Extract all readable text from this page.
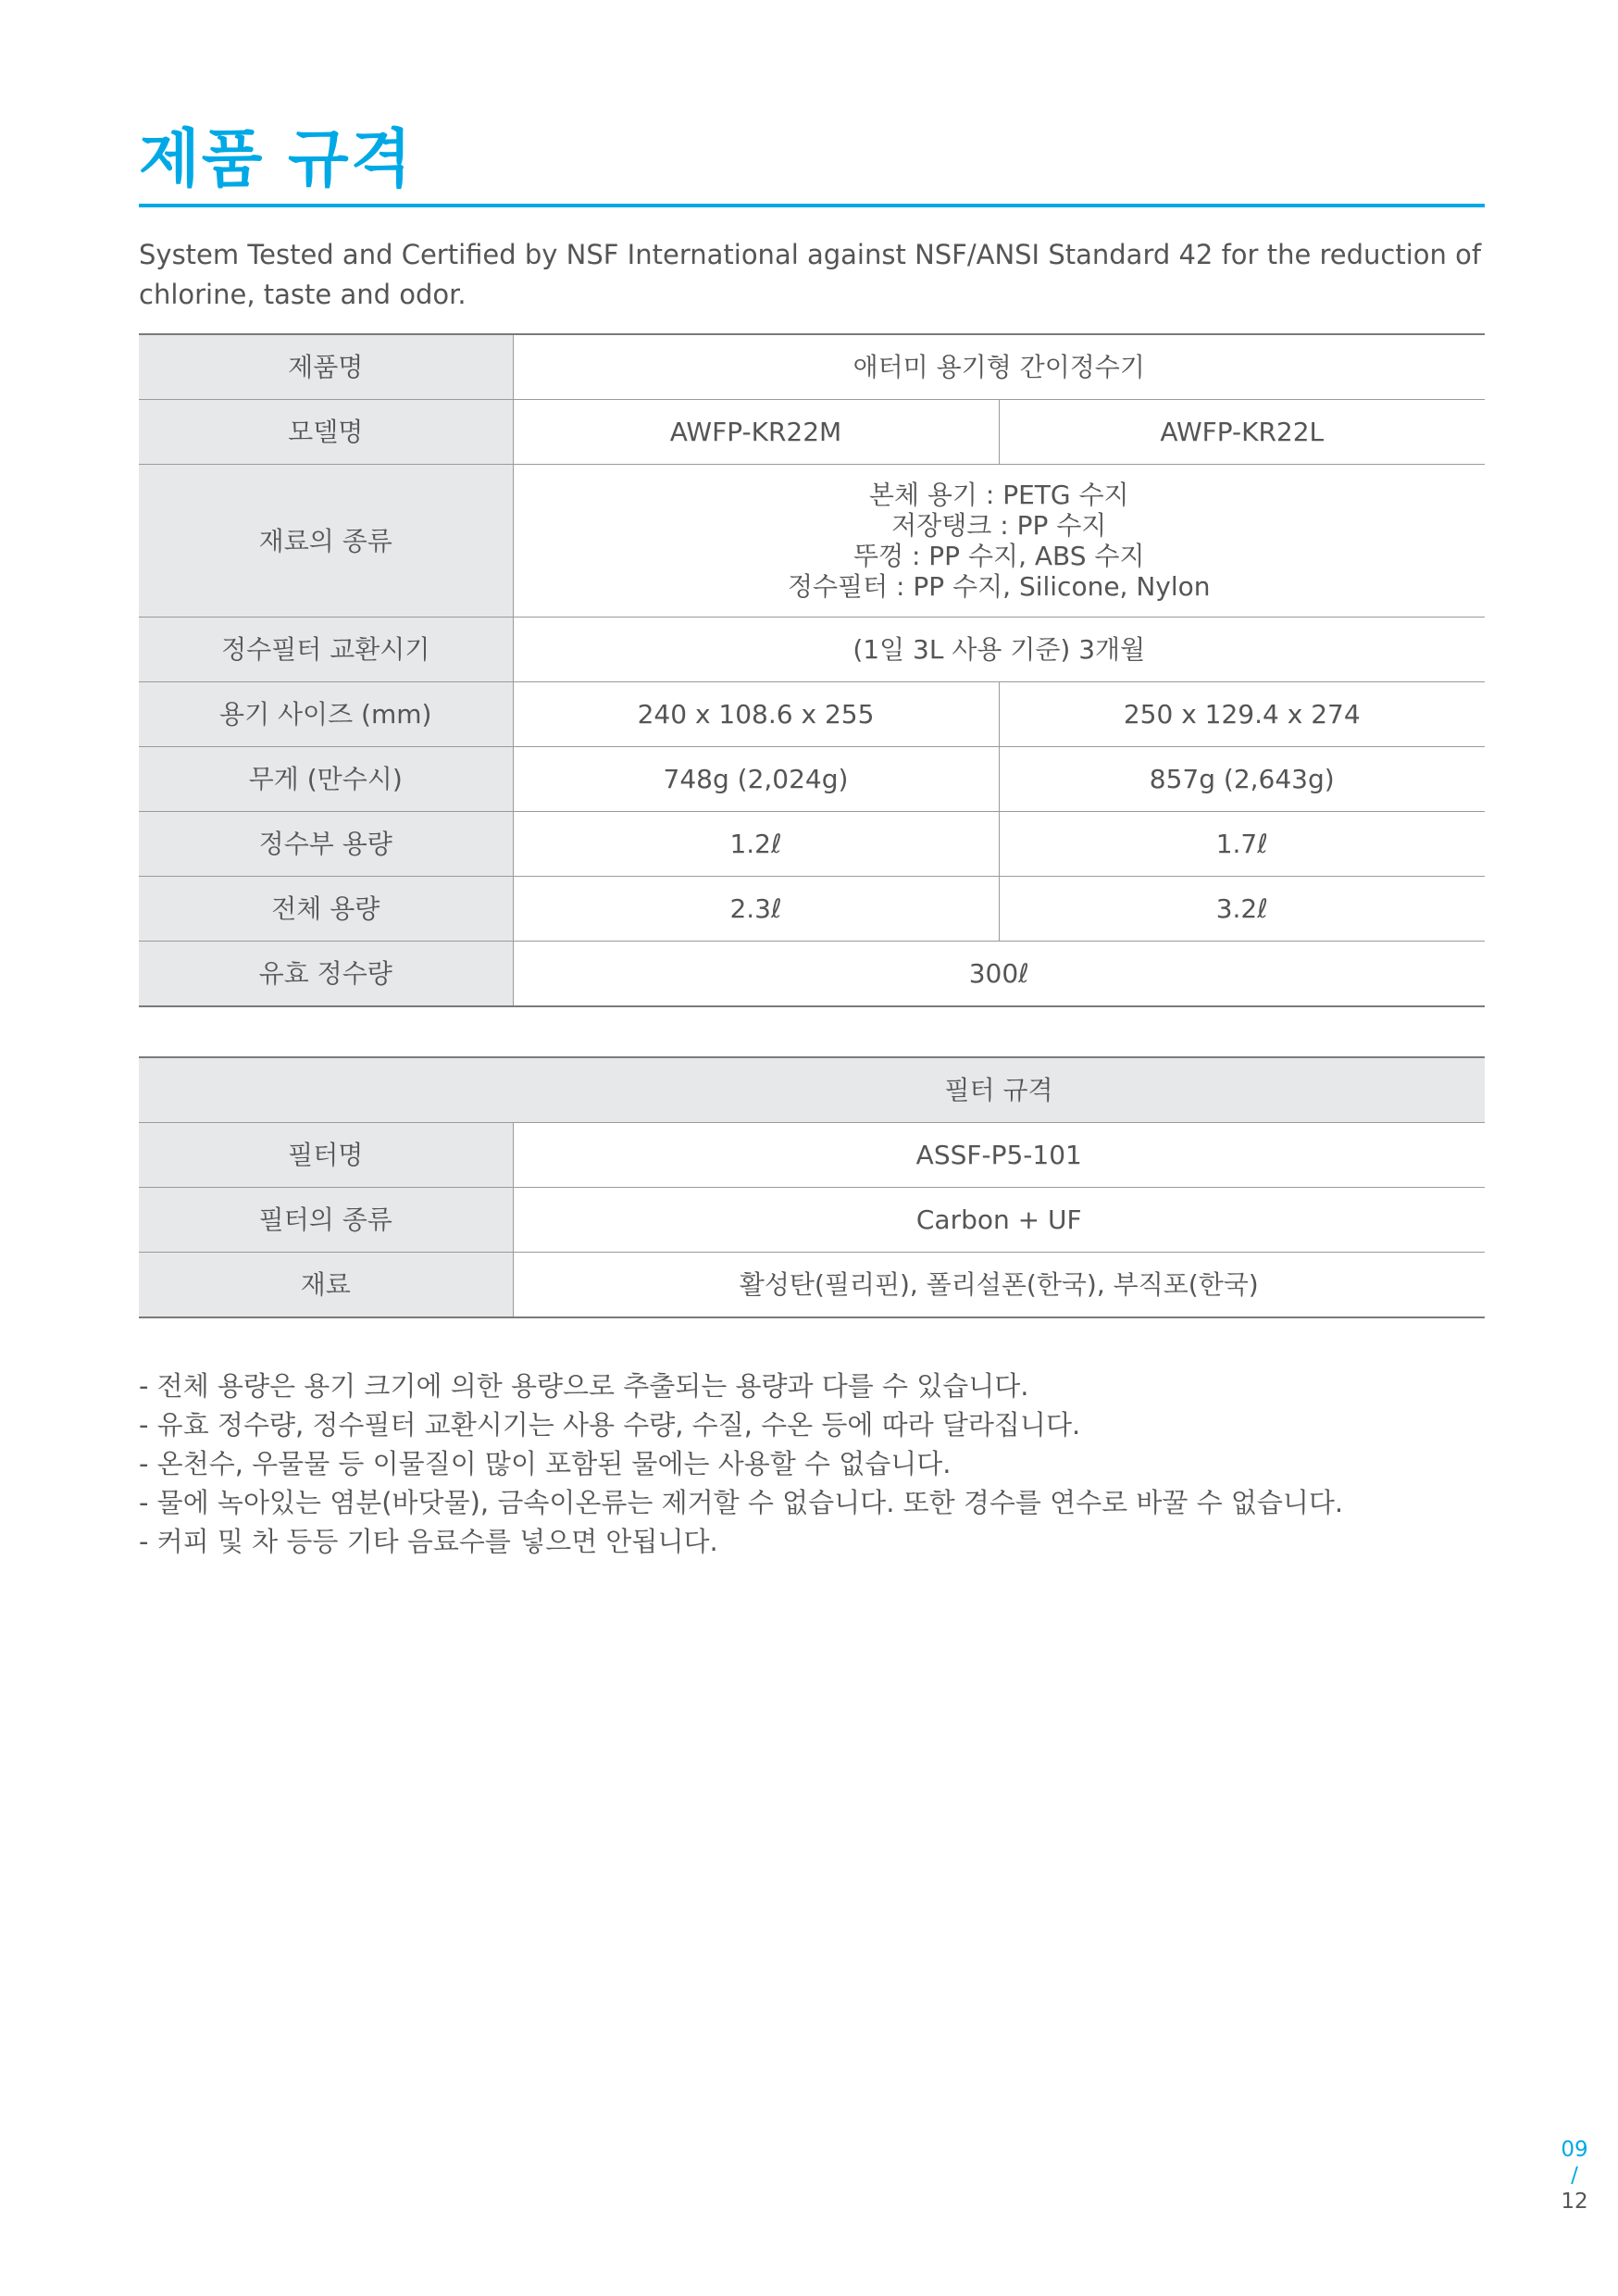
제품 규격

System Tested and Certified by NSF International against NSF/ANSI Standard 42 for the reduction of chlorine, taste and odor.

제품명	애터미 용기형 간이정수기	
모델명	AWFP-KR22M	AWFP-KR22L
재료의 종류	본체 용기 : PETG 수지
저장탱크 : PP 수지
뚜껑 : PP 수지, ABS 수지
정수필터 : PP 수지, Silicone, Nylon	

정수필터 교환시기	(1일 3L 사용 기준) 3개월	
용기 사이즈 (mm)	240 x 108.6 x 255	250 x 129.4 x 274
무게 (만수시)	748g (2,024g)	857g (2,643g)
정수부 용량	1.2ℓ	1.7ℓ
전체 용량	2.3ℓ	3.2ℓ
유효 정수량	300ℓ	
	필터 규격
필터명	ASSF-P5-101
필터의 종류	Carbon + UF
재료	활성탄(필리핀), 폴리설폰(한국), 부직포(한국)
- 전체 용량은 용기 크기에 의한 용량으로 추출되는 용량과 다를 수 있습니다.
- 유효 정수량, 정수필터 교환시기는 사용 수량, 수질, 수온 등에 따라 달라집니다.
- 온천수, 우물물 등 이물질이 많이 포함된 물에는 사용할 수 없습니다.
- 물에 녹아있는 염분(바닷물), 금속이온류는 제거할 수 없습니다. 또한 경수를 연수로 바꿀 수 없습니다.
- 커피 및 차 등등 기타 음료수를 넣으면 안됩니다.
09
/
12
